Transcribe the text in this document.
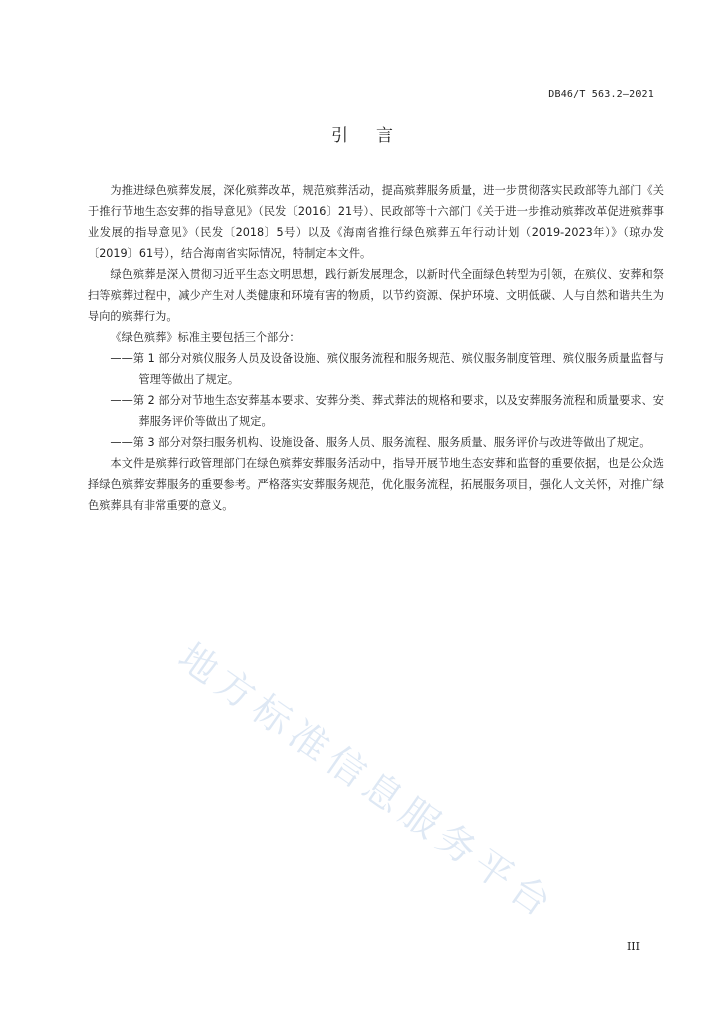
DB46/T 563.2—2021
引言

为推进绿色殡葬发展，深化殡葬改革，规范殡葬活动，提高殡葬服务质量，进一步贯彻落实民政部等九部门《关于推行节地生态安葬的指导意见》（民发〔2016〕21号）、民政部等十六部门《关于进一步推动殡葬改革促进殡葬事业发展的指导意见》（民发〔2018〕5号）以及《海南省推行绿色殡葬五年行动计划（2019-2023年）》（琼办发〔2019〕61号），结合海南省实际情况，特制定本文件。

绿色殡葬是深入贯彻习近平生态文明思想，践行新发展理念，以新时代全面绿色转型为引领，在殡仪、安葬和祭扫等殡葬过程中，减少产生对人类健康和环境有害的物质，以节约资源、保护环境、文明低碳、人与自然和谐共生为导向的殡葬行为。

《绿色殡葬》标准主要包括三个部分：

——第 1 部分对殡仪服务人员及设备设施、殡仪服务流程和服务规范、殡仪服务制度管理、殡仪服务质量监督与管理等做出了规定。

——第 2 部分对节地生态安葬基本要求、安葬分类、葬式葬法的规格和要求，以及安葬服务流程和质量要求、安葬服务评价等做出了规定。

——第 3 部分对祭扫服务机构、设施设备、服务人员、服务流程、服务质量、服务评价与改进等做出了规定。

本文件是殡葬行政管理部门在绿色殡葬安葬服务活动中，指导开展节地生态安葬和监督的重要依据，也是公众选择绿色殡葬安葬服务的重要参考。严格落实安葬服务规范，优化服务流程，拓展服务项目，强化人文关怀，对推广绿色殡葬具有非常重要的意义。

地方标准信息服务平台
III
